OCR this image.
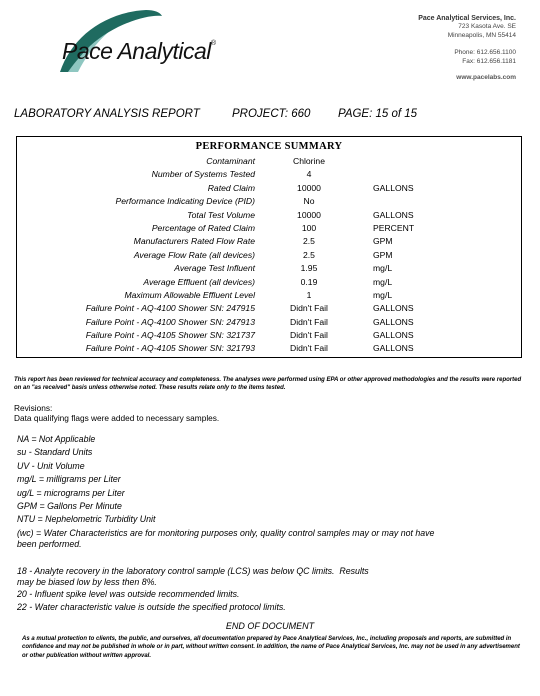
Pace Analytical®
Pace Analytical Services, Inc.
723 Kasota Ave. SE
Minneapolis, MN 55414
Phone: 612.656.1100
Fax: 612.656.1181
www.pacelabs.com
LABORATORY ANALYSIS REPORT	PROJECT: 660 PAGE: 15 of 15
PERFORMANCE SUMMARY
Contaminant	Chlorine
Number of Systems Tested	4
Rated Claim	10000	GALLONS
Performance Indicating Device (PID)	No
Total Test Volume	10000	GALLONS
Percentage of Rated Claim	100	PERCENT
Manufacturers Rated Flow Rate	2.5	GPM
Average Flow Rate (all devices)	2.5	GPM
Average Test Influent	1.95	mg/L
Average Effluent (all devices)	0.19	mg/L
Maximum Allowable Effluent Level	1	mg/L
Failure Point - AQ-4100 Shower SN: 247915	Didn't Fail	GALLONS
Failure Point - AQ-4100 Shower SN: 247913	Didn't Fail	GALLONS
Failure Point - AQ-4105 Shower SN: 321737	Didn't Fail	GALLONS
Failure Point - AQ-4105 Shower SN: 321793	Didn't Fail	GALLONS
This report has been reviewed for technical accuracy and completeness. The analyses were performed using EPA or other approved methodologies and the results were reported on an "as received" basis unless otherwise noted. These results relate only to the items tested.
Revisions:
Data qualifying flags were added to necessary samples.
NA = Not Applicable
su - Standard Units
UV - Unit Volume
mg/L = milligrams per Liter
ug/L = micrograms per Liter
GPM = Gallons Per Minute
NTU = Nephelometric Turbidity Unit
(wc) = Water Characteristics are for monitoring purposes only, quality control samples may or may not have been performed.
18 - Analyte recovery in the laboratory control sample (LCS) was below QC limits.  Results
may be biased low by less then 8%.
20 - Influent spike level was outside recommended limits.
22 - Water characteristic value is outside the specified protocol limits.
END OF DOCUMENT
As a mutual protection to clients, the public, and ourselves, all documentation prepared by Pace Analytical Services, Inc., including proposals and reports, are submitted in confidence and may not be published in whole or in part, without written consent. In addition, the name of Pace Analytical Services, Inc. may not be used in any advertisement or other publication without written approval.
